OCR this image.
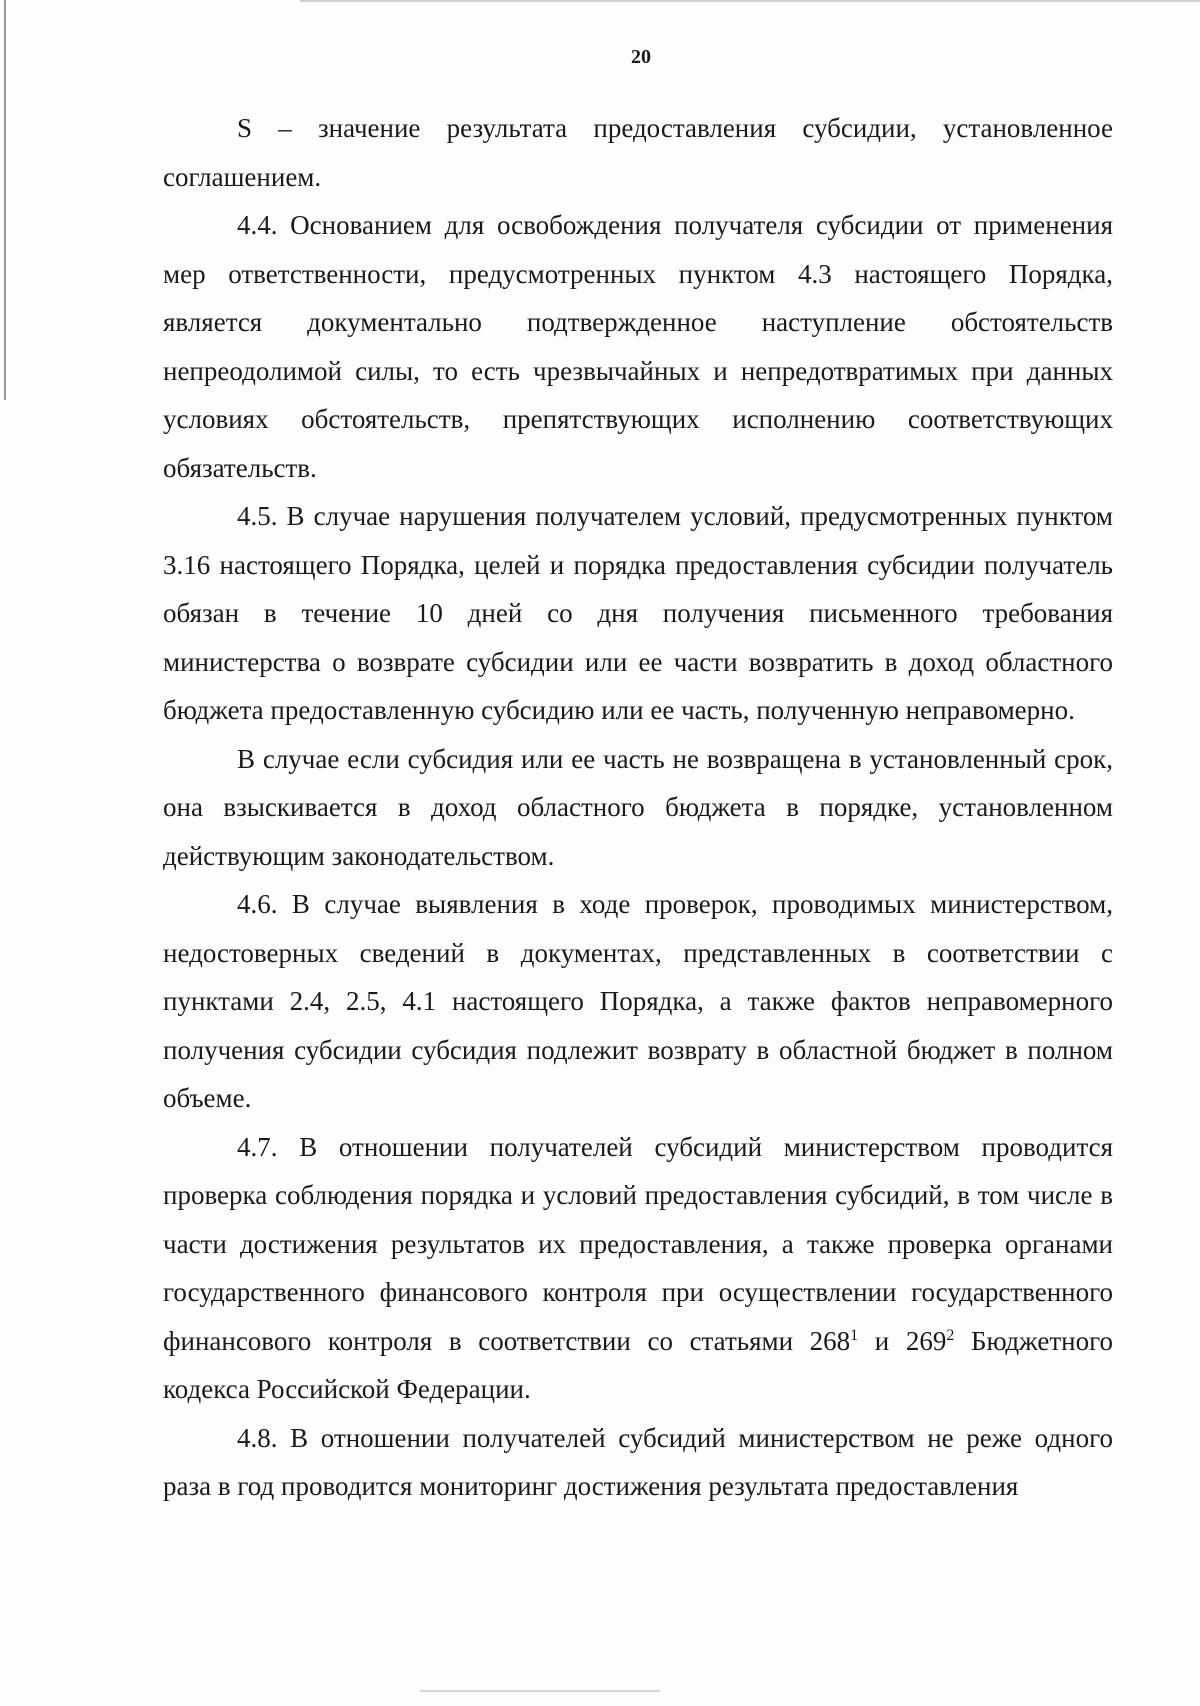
20

S – значение результата предоставления субсидии, установленное соглашением.

4.4. Основанием для освобождения получателя субсидии от применения мер ответственности, предусмотренных пунктом 4.3 настоящего Порядка, является документально подтвержденное наступление обстоятельств непреодолимой силы, то есть чрезвычайных и непредотвратимых при данных условиях обстоятельств, препятствующих исполнению соответствующих обязательств.

4.5. В случае нарушения получателем условий, предусмотренных пунктом 3.16 настоящего Порядка, целей и порядка предоставления субсидии получатель обязан в течение 10 дней со дня получения письменного требования министерства о возврате субсидии или ее части возвратить в доход областного бюджета предоставленную субсидию или ее часть, полученную неправомерно.

В случае если субсидия или ее часть не возвращена в установленный срок, она взыскивается в доход областного бюджета в порядке, установленном действующим законодательством.

4.6. В случае выявления в ходе проверок, проводимых министерством, недостоверных сведений в документах, представленных в соответствии с пунктами 2.4, 2.5, 4.1 настоящего Порядка, а также фактов неправомерного получения субсидии субсидия подлежит возврату в областной бюджет в полном объеме.

4.7. В отношении получателей субсидий министерством проводится проверка соблюдения порядка и условий предоставления субсидий, в том числе в части достижения результатов их предоставления, а также проверка органами государственного финансового контроля при осуществлении государственного финансового контроля в соответствии со статьями $268^1$ и $269^2$ Бюджетного кодекса Российской Федерации.

4.8. В отношении получателей субсидий министерством не реже одного раза в год проводится мониторинг достижения результата предоставления
